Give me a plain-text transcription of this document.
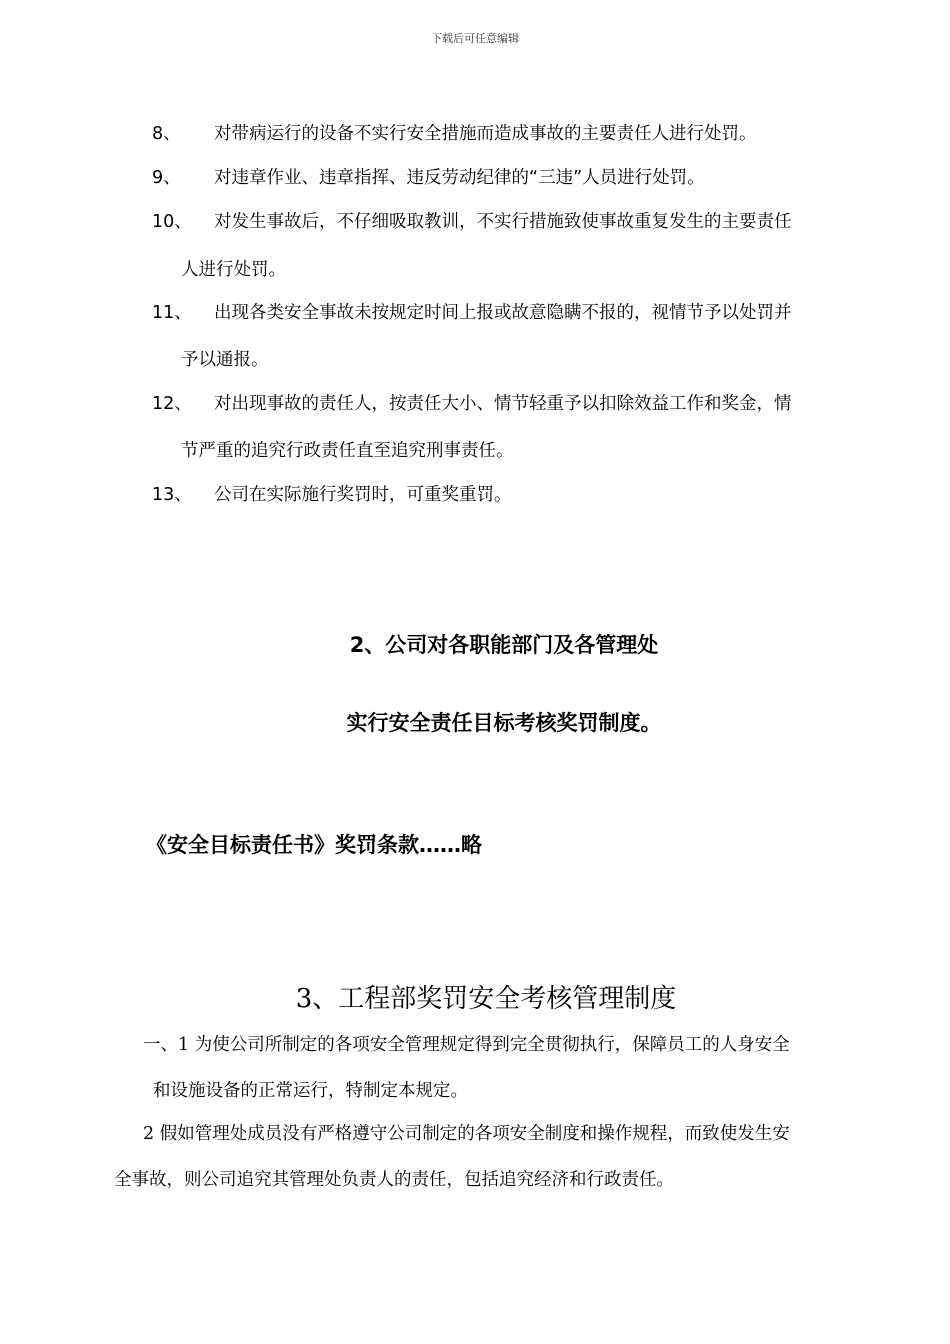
下载后可任意编辑
8、 对带病运行的设备不实行安全措施而造成事故的主要责任人进行处罚。
9、 对违章作业、违章指挥、违反劳动纪律的“三违”人员进行处罚。
10、 对发生事故后，不仔细吸取教训，不实行措施致使事故重复发生的主要责任
人进行处罚。
11、 出现各类安全事故未按规定时间上报或故意隐瞒不报的，视情节予以处罚并
予以通报。
12、 对出现事故的责任人，按责任大小、情节轻重予以扣除效益工作和奖金，情
节严重的追究行政责任直至追究刑事责任。
13、 公司在实际施行奖罚时，可重奖重罚。
2、公司对各职能部门及各管理处
实行安全责任目标考核奖罚制度。
《安全目标责任书》奖罚条款……略
3、工程部奖罚安全考核管理制度
一、1 为使公司所制定的各项安全管理规定得到完全贯彻执行，保障员工的人身安全
和设施设备的正常运行，特制定本规定。
2 假如管理处成员没有严格遵守公司制定的各项安全制度和操作规程，而致使发生安
全事故，则公司追究其管理处负责人的责任，包括追究经济和行政责任。
